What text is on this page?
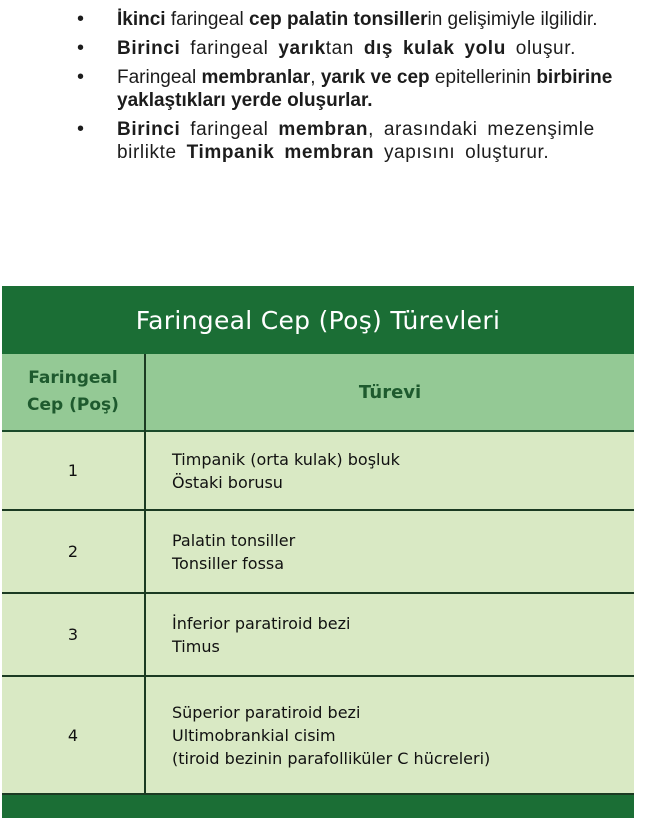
• İkinci faringeal cep palatin tonsillerin gelişimiyle ilgilidir.
• Birinci faringeal yarıktan dış kulak yolu oluşur.
• Faringeal membranlar, yarık ve cep epitellerinin birbirine yaklaştıkları yerde oluşurlar.
• Birinci faringeal membran, arasındaki mezenşimle birlikte Timpanik membran yapısını oluşturur.
Faringeal Cep (Poş) Türevleri
Faringeal
Cep (Poş)
Türevi
1
Timpanik (orta kulak) boşluk
Östaki borusu
2
Palatin tonsiller
Tonsiller fossa
3
İnferior paratiroid bezi
Timus
4
Süperior paratiroid bezi
Ultimobrankial cisim
(tiroid bezinin parafolliküler C hücreleri)
